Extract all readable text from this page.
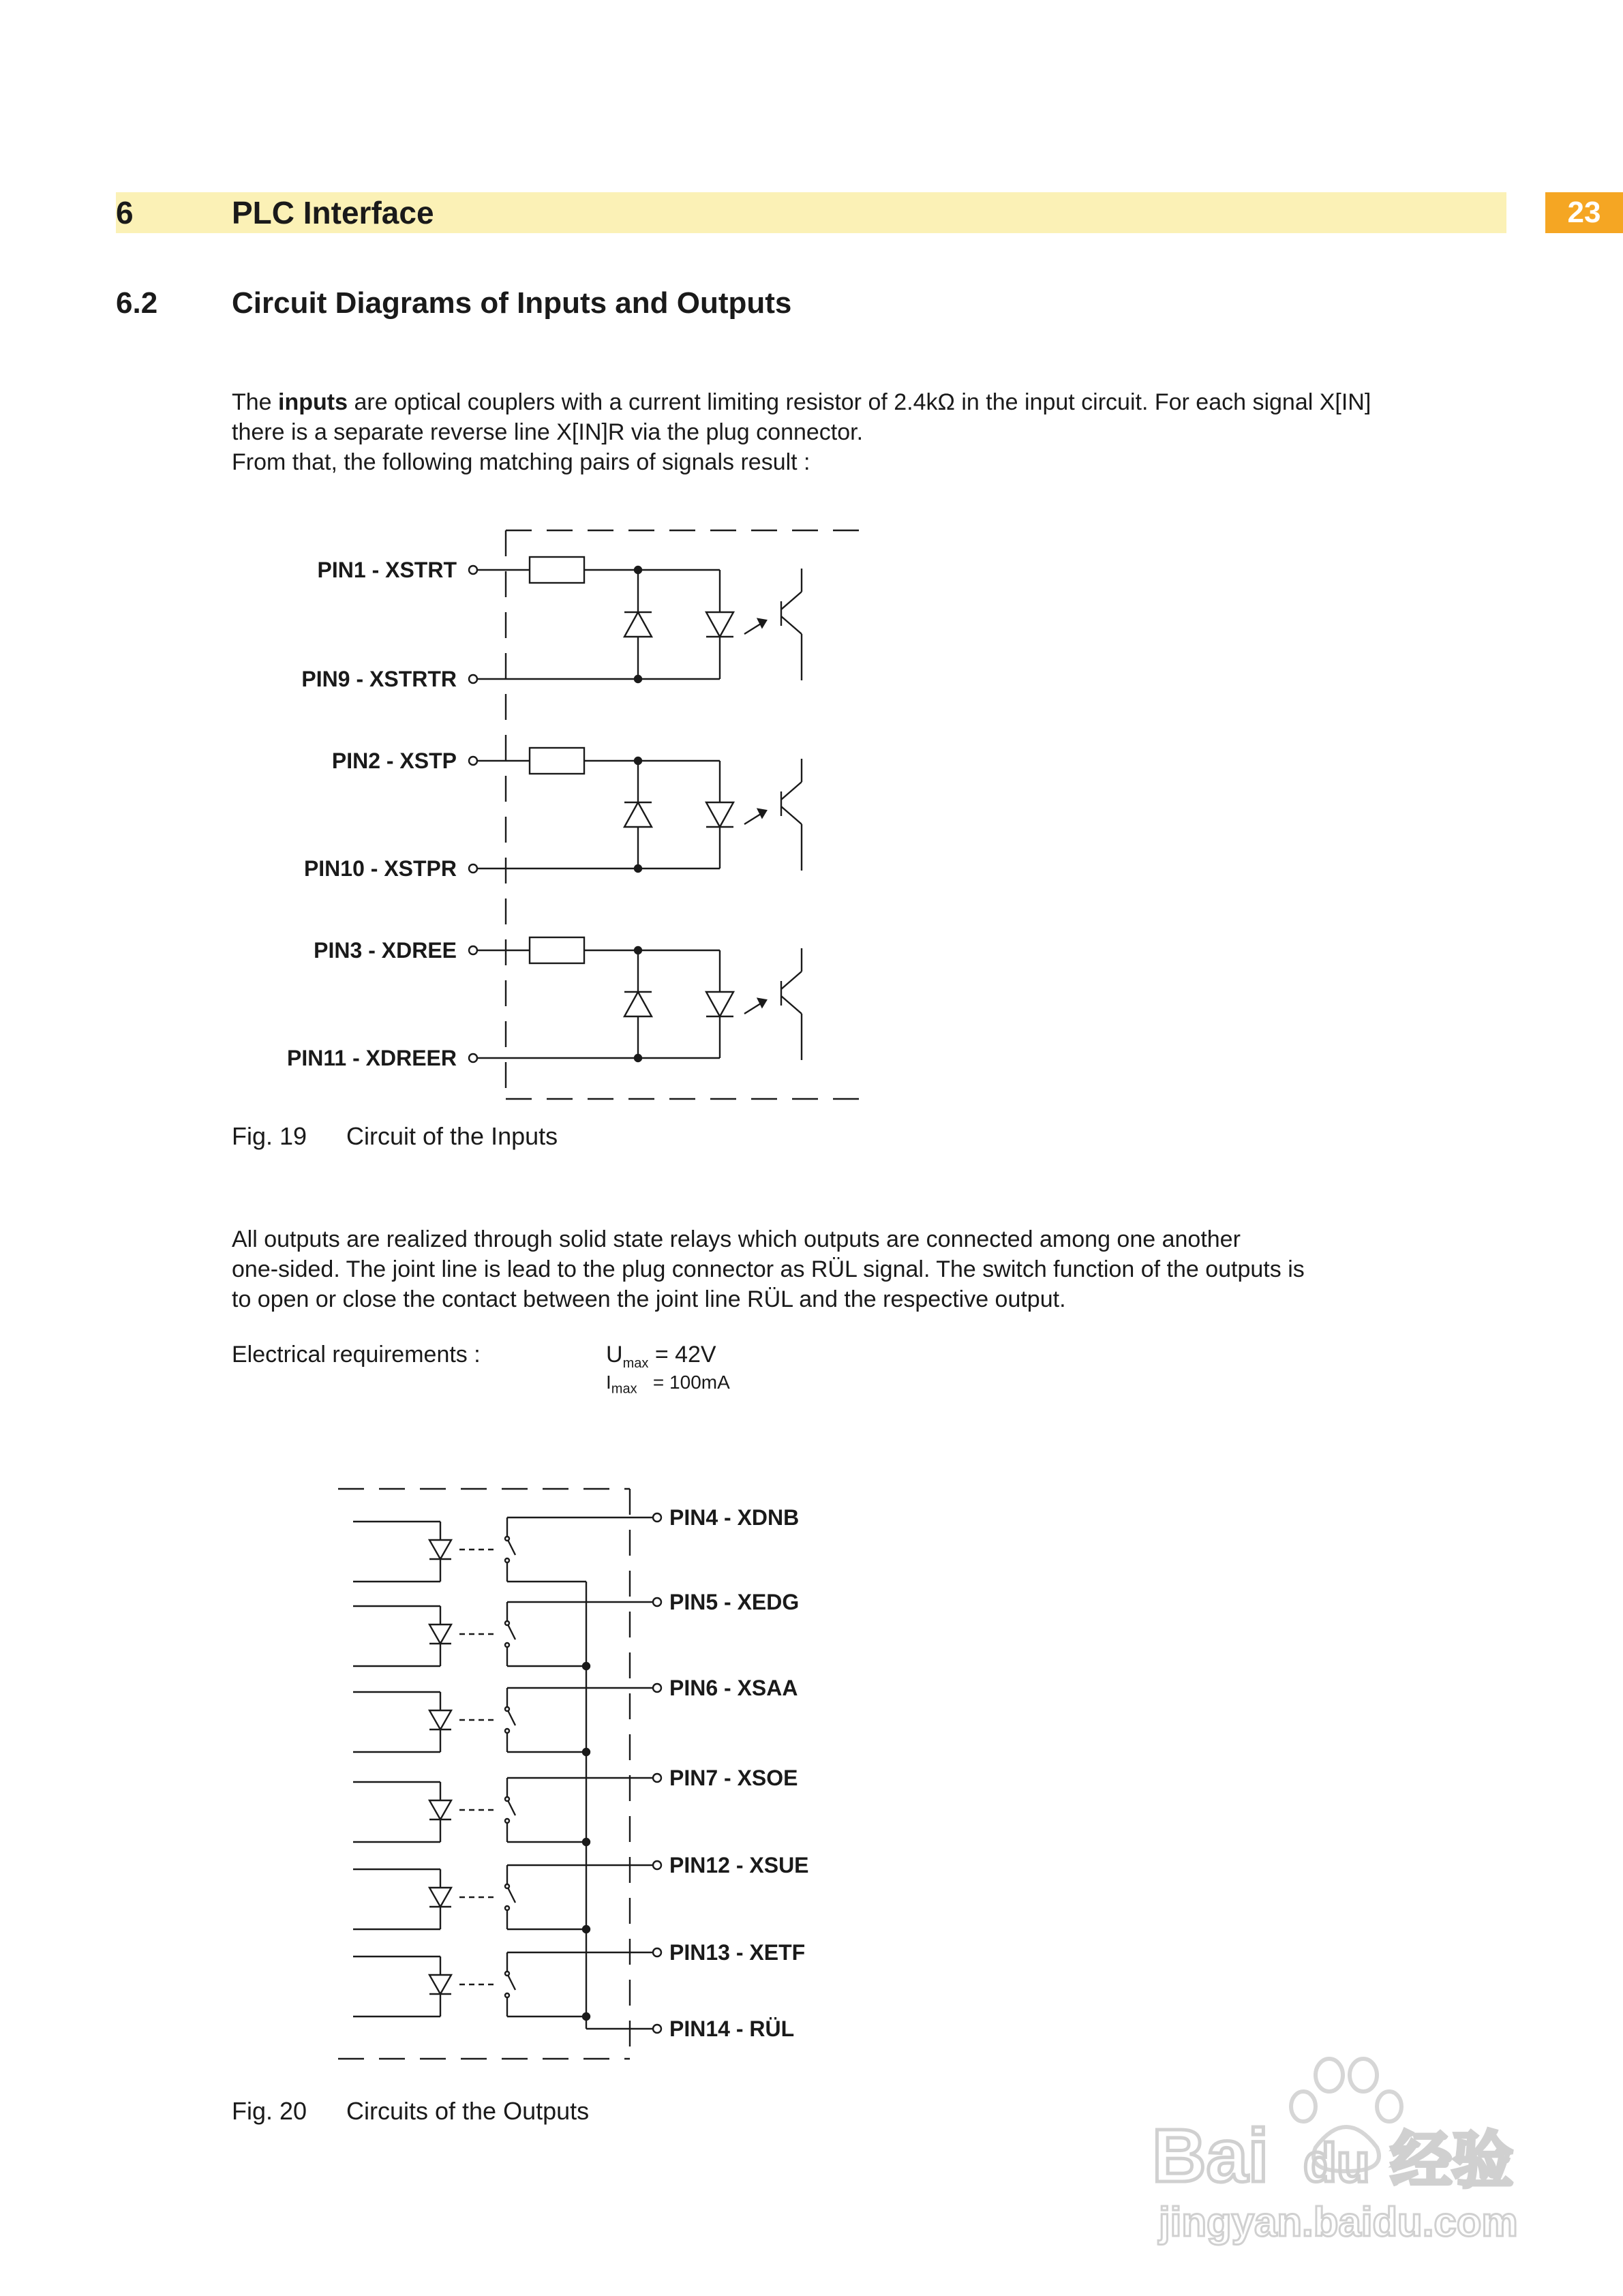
6	PLC Interface	23
6.2 Circuit Diagrams of Inputs and Outputs
The inputs are optical couplers with a current limiting resistor of 2.4kΩ in the input circuit. For each signal X[IN]
there is a separate reverse line X[IN]R via the plug connector.
From that, the following matching pairs of signals result :
PIN1 - XSTRT
PIN9 - XSTRTR
PIN2 - XSTP
PIN10 - XSTPR
PIN3 - XDREE
PIN11 - XDREER
Fig. 19 Circuit of the Inputs
All outputs are realized through solid state relays which outputs are connected among one another
one-sided. The joint line is lead to the plug connector as RÜL signal. The switch function of the outputs is
to open or close the contact between the joint line RÜL and the respective output.
Electrical requirements :	$U_{max} = 42V$
$I_{max} = 100mA$
PIN4 - XDNB
PIN5 - XEDG
PIN6 - XSAA
PIN7 - XSOE
PIN12 - XSUE
PIN13 - XETF
PIN14 - RÜL
Fig. 20 Circuits of the Outputs
Bai du 经验
jingyan.baidu.com
